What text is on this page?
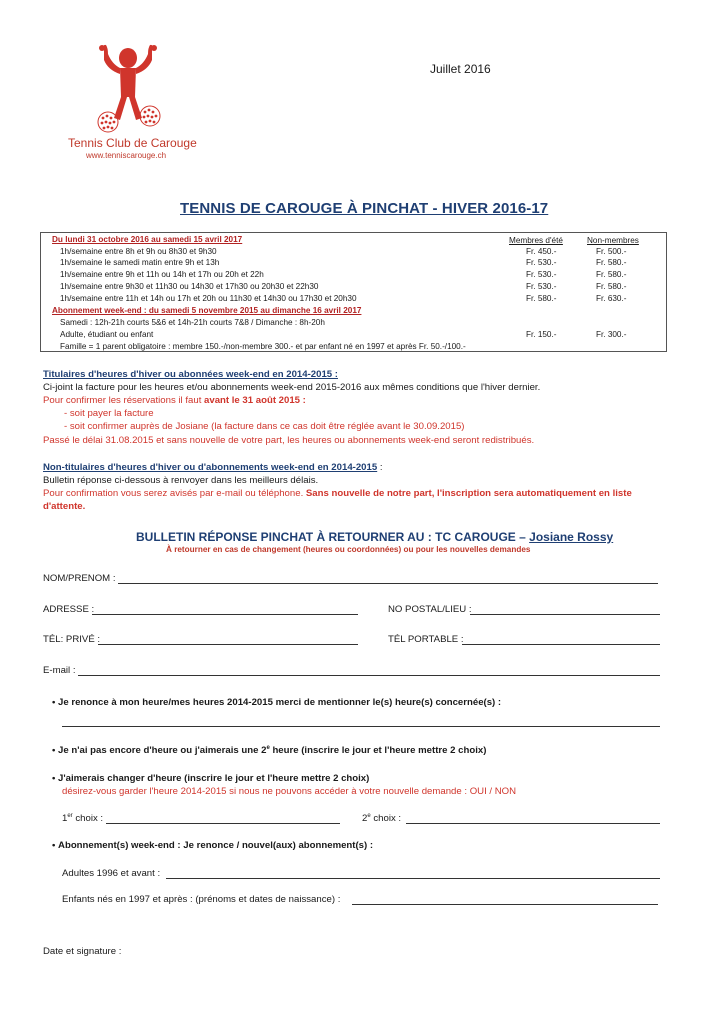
Tennis Club de Carouge
www.tenniscarouge.ch
Juillet 2016
TENNIS DE CAROUGE À PINCHAT - HIVER 2016-17
Du lundi 31 octobre 2016 au samedi 15 avril 2017	Membres d'été	Non-membres
1h/semaine entre 8h et 9h ou 8h30 et 9h30	Fr. 450.-	Fr. 500.-
1h/semaine le samedi matin entre 9h et 13h	Fr. 530.-	Fr. 580.-
1h/semaine entre 9h et 11h ou 14h et 17h ou 20h et 22h	Fr. 530.-	Fr. 580.-
1h/semaine entre 9h30 et 11h30 ou 14h30 et 17h30 ou 20h30 et 22h30	Fr. 530.-	Fr. 580.-
1h/semaine entre 11h et 14h ou 17h et 20h ou 11h30 et 14h30 ou 17h30 et 20h30	Fr. 580.-	Fr. 630.-
Abonnement week-end : du samedi 5 novembre 2015 au dimanche 16 avril 2017
Samedi : 12h-21h courts 5&6 et 14h-21h courts 7&8 / Dimanche : 8h-20h
Adulte, étudiant ou enfant	Fr. 150.-	Fr. 300.-
Famille = 1 parent obligatoire : membre 150.-/non-membre 300.- et par enfant né en 1997 et après Fr. 50.-/100.-
Titulaires d'heures d'hiver ou abonnées week-end en 2014-2015 :
Ci-joint la facture pour les heures et/ou abonnements week-end 2015-2016 aux mêmes conditions que l'hiver dernier.
Pour confirmer les réservations il faut avant le 31 août 2015 :
- soit payer la facture
- soit confirmer auprès de Josiane (la facture dans ce cas doit être réglée avant le 30.09.2015)
Passé le délai 31.08.2015 et sans nouvelle de votre part, les heures ou abonnements week-end seront redistribués.
Non-titulaires d'heures d'hiver ou d'abonnements week-end en 2014-2015 :
Bulletin réponse ci-dessous à renvoyer dans les meilleurs délais.
Pour confirmation vous serez avisés par e-mail ou téléphone. Sans nouvelle de notre part, l'inscription sera automatiquement en liste
d'attente.
BULLETIN RÉPONSE PINCHAT À RETOURNER AU : TC CAROUGE – Josiane Rossy
À retourner en cas de changement (heures ou coordonnées) ou pour les nouvelles demandes
NOM/PRENOM :
ADRESSE :	NO POSTAL/LIEU :
TÉL: PRIVÉ :	TÉL PORTABLE :
E-mail :
• Je renonce à mon heure/mes heures 2014-2015 merci de mentionner le(s) heure(s) concernée(s) :
• Je n'ai pas encore d'heure ou j'aimerais une 2e heure (inscrire le jour et l'heure mettre 2 choix)
• J'aimerais changer d'heure (inscrire le jour et l'heure mettre 2 choix)
désirez-vous garder l'heure 2014-2015 si nous ne pouvons accéder à votre nouvelle demande : OUI / NON
1er choix :	2e choix :
• Abonnement(s) week-end : Je renonce / nouvel(aux) abonnement(s) :
Adultes 1996 et avant :
Enfants nés en 1997 et après : (prénoms et dates de naissance) :
Date et signature :
